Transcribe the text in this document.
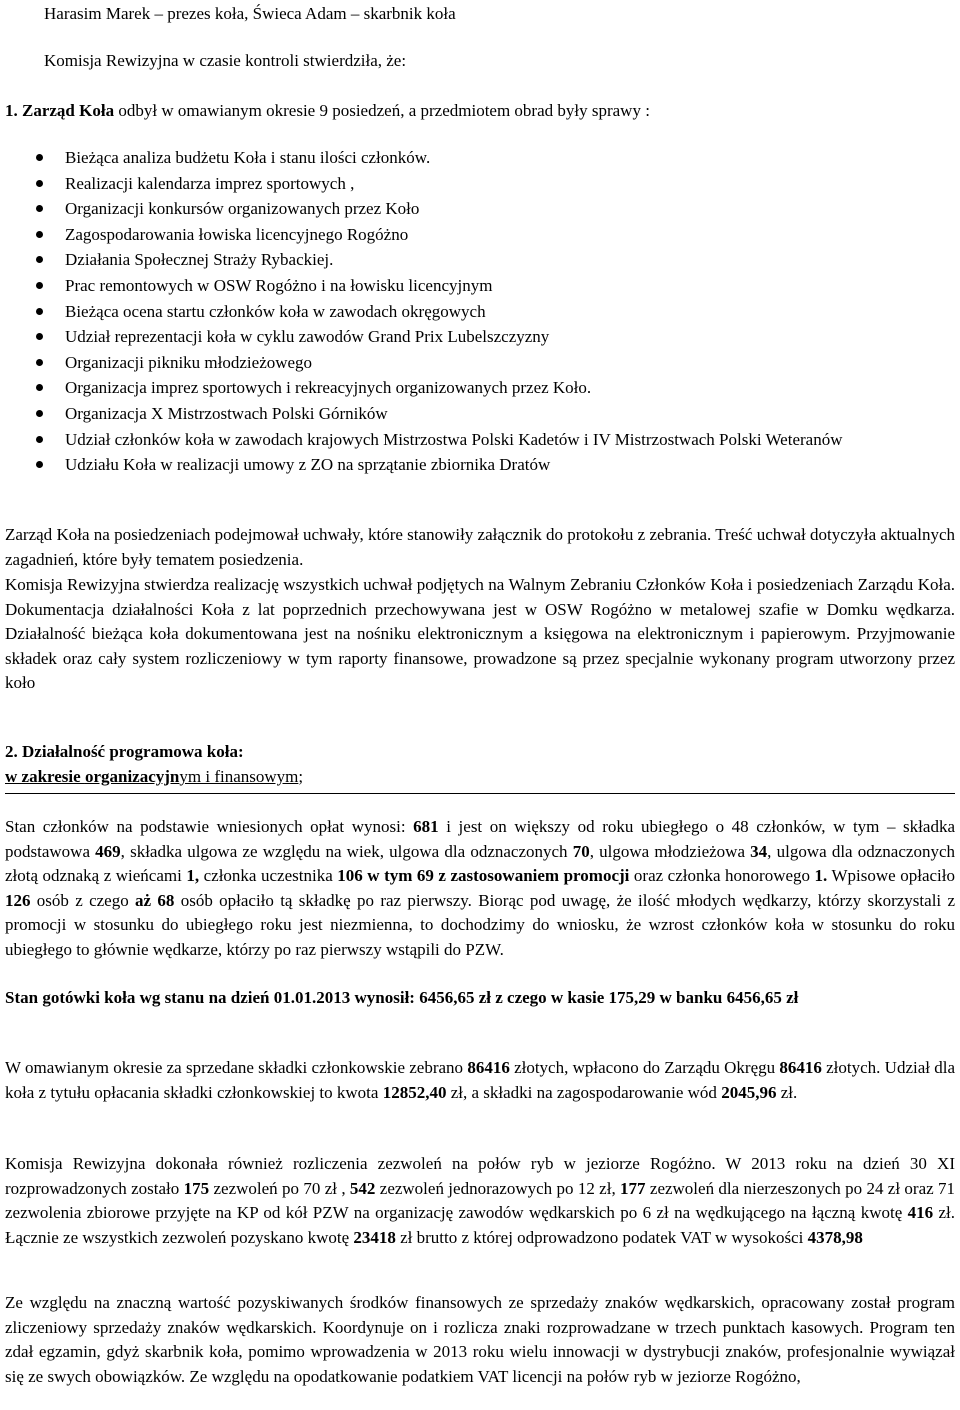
Harasim Marek – prezes koła, Świeca Adam – skarbnik koła
Komisja Rewizyjna w czasie kontroli stwierdziła, że:
1. Zarząd Koła odbył w omawianym okresie 9 posiedzeń, a przedmiotem obrad były sprawy :
Bieżąca analiza budżetu Koła i stanu ilości członków.
Realizacji kalendarza imprez sportowych ,
Organizacji konkursów organizowanych przez Koło
Zagospodarowania łowiska licencyjnego Rogóżno
Działania Społecznej Straży Rybackiej.
Prac remontowych w OSW Rogóżno i na łowisku licencyjnym
Bieżąca ocena startu członków koła w zawodach okręgowych
Udział reprezentacji koła w cyklu zawodów Grand Prix Lubelszczyzny
Organizacji pikniku młodzieżowego
Organizacja imprez sportowych i rekreacyjnych organizowanych przez Koło.
Organizacja X Mistrzostwach Polski Górników
Udział członków koła w zawodach krajowych Mistrzostwa Polski Kadetów i IV Mistrzostwach Polski Weteranów
Udziału Koła w realizacji umowy z ZO na sprzątanie zbiornika Dratów
Zarząd Koła na posiedzeniach podejmował uchwały, które stanowiły załącznik do protokołu z zebrania. Treść uchwał dotyczyła aktualnych zagadnień, które były tematem posiedzenia.
Komisja Rewizyjna stwierdza realizację wszystkich uchwał podjętych na Walnym Zebraniu Członków Koła i posiedzeniach Zarządu Koła. Dokumentacja działalności Koła z lat poprzednich przechowywana jest w OSW Rogóżno w metalowej szafie w Domku wędkarza. Działalność bieżąca koła dokumentowana jest na nośniku elektronicznym a księgowa na elektronicznym i papierowym. Przyjmowanie składek oraz cały system rozliczeniowy w tym raporty finansowe, prowadzone są przez specjalnie wykonany program utworzony przez koło
2. Działalność programowa koła:
w zakresie organizacyjnym i finansowym;
Stan członków na podstawie wniesionych opłat wynosi: 681 i jest on większy od roku ubiegłego o 48 członków, w tym – składka podstawowa 469, składka ulgowa ze względu na wiek, ulgowa dla odznaczonych 70, ulgowa młodzieżowa 34, ulgowa dla odznaczonych złotą odznaką z wieńcami 1, członka uczestnika 106 w tym 69 z zastosowaniem promocji oraz członka honorowego 1. Wpisowe opłaciło 126 osób z czego aż 68 osób opłaciło tą składkę po raz pierwszy. Biorąc pod uwagę, że ilość młodych wędkarzy, którzy skorzystali z promocji w stosunku do ubiegłego roku jest niezmienna, to dochodzimy do wniosku, że wzrost członków koła w stosunku do roku ubiegłego to głównie wędkarze, którzy po raz pierwszy wstąpili do PZW.
Stan gotówki koła wg stanu na dzień 01.01.2013 wynosił: 6456,65 zł z czego w kasie 175,29 w banku 6456,65 zł
W omawianym okresie za sprzedane składki członkowskie zebrano 86416 złotych, wpłacono do Zarządu Okręgu 86416 złotych. Udział dla koła z tytułu opłacania składki członkowskiej to kwota 12852,40 zł, a składki na zagospodarowanie wód 2045,96 zł.
Komisja Rewizyjna dokonała również rozliczenia zezwoleń na połów ryb w jeziorze Rogóżno. W 2013 roku na dzień 30 XI rozprowadzonych zostało 175 zezwoleń po 70 zł , 542 zezwoleń jednorazowych po 12 zł, 177 zezwoleń dla nierzeszonych po 24 zł oraz 71 zezwolenia zbiorowe przyjęte na KP od kół PZW na organizację zawodów wędkarskich po 6 zł na wędkującego na łączną kwotę 416 zł. Łącznie ze wszystkich zezwoleń pozyskano kwotę 23418 zł brutto z której odprowadzono podatek VAT w wysokości 4378,98
Ze względu na znaczną wartość pozyskiwanych środków finansowych ze sprzedaży znaków wędkarskich, opracowany został program zliczeniowy sprzedaży znaków wędkarskich. Koordynuje on i rozlicza znaki rozprowadzane w trzech punktach kasowych. Program ten zdał egzamin, gdyż skarbnik koła, pomimo wprowadzenia w 2013 roku wielu innowacji w dystrybucji znaków, profesjonalnie wywiązał się ze swych obowiązków. Ze względu na opodatkowanie podatkiem VAT licencji na połów ryb w jeziorze Rogóżno,
